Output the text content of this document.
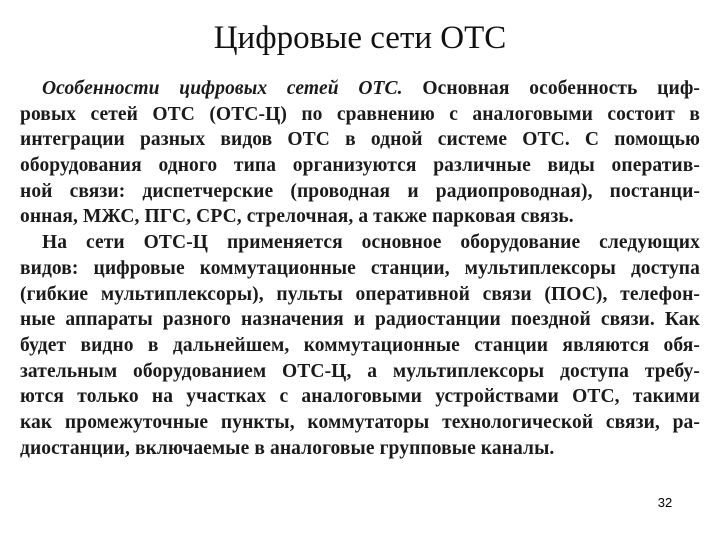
Цифровые сети ОТС
Особенности цифровых сетей ОТС. Основная особенность циф-
ровых сетей ОТС (ОТС-Ц) по сравнению с аналоговыми состоит в
интеграции разных видов ОТС в одной системе ОТС. С помощью
оборудования одного типа организуются различные виды оператив-
ной связи: диспетчерские (проводная и радиопроводная), постанци-
онная, МЖС, ПГС, СРС, стрелочная, а также парковая связь.
На сети ОТС-Ц применяется основное оборудование следующих
видов: цифровые коммутационные станции, мультиплексоры доступа
(гибкие мультиплексоры), пульты оперативной связи (ПОС), телефон-
ные аппараты разного назначения и радиостанции поездной связи. Как
будет видно в дальнейшем, коммутационные станции являются обя-
зательным оборудованием ОТС-Ц, а мультиплексоры доступа требу-
ются только на участках с аналоговыми устройствами ОТС, такими
как промежуточные пункты, коммутаторы технологической связи, ра-
диостанции, включаемые в аналоговые групповые каналы.
32
